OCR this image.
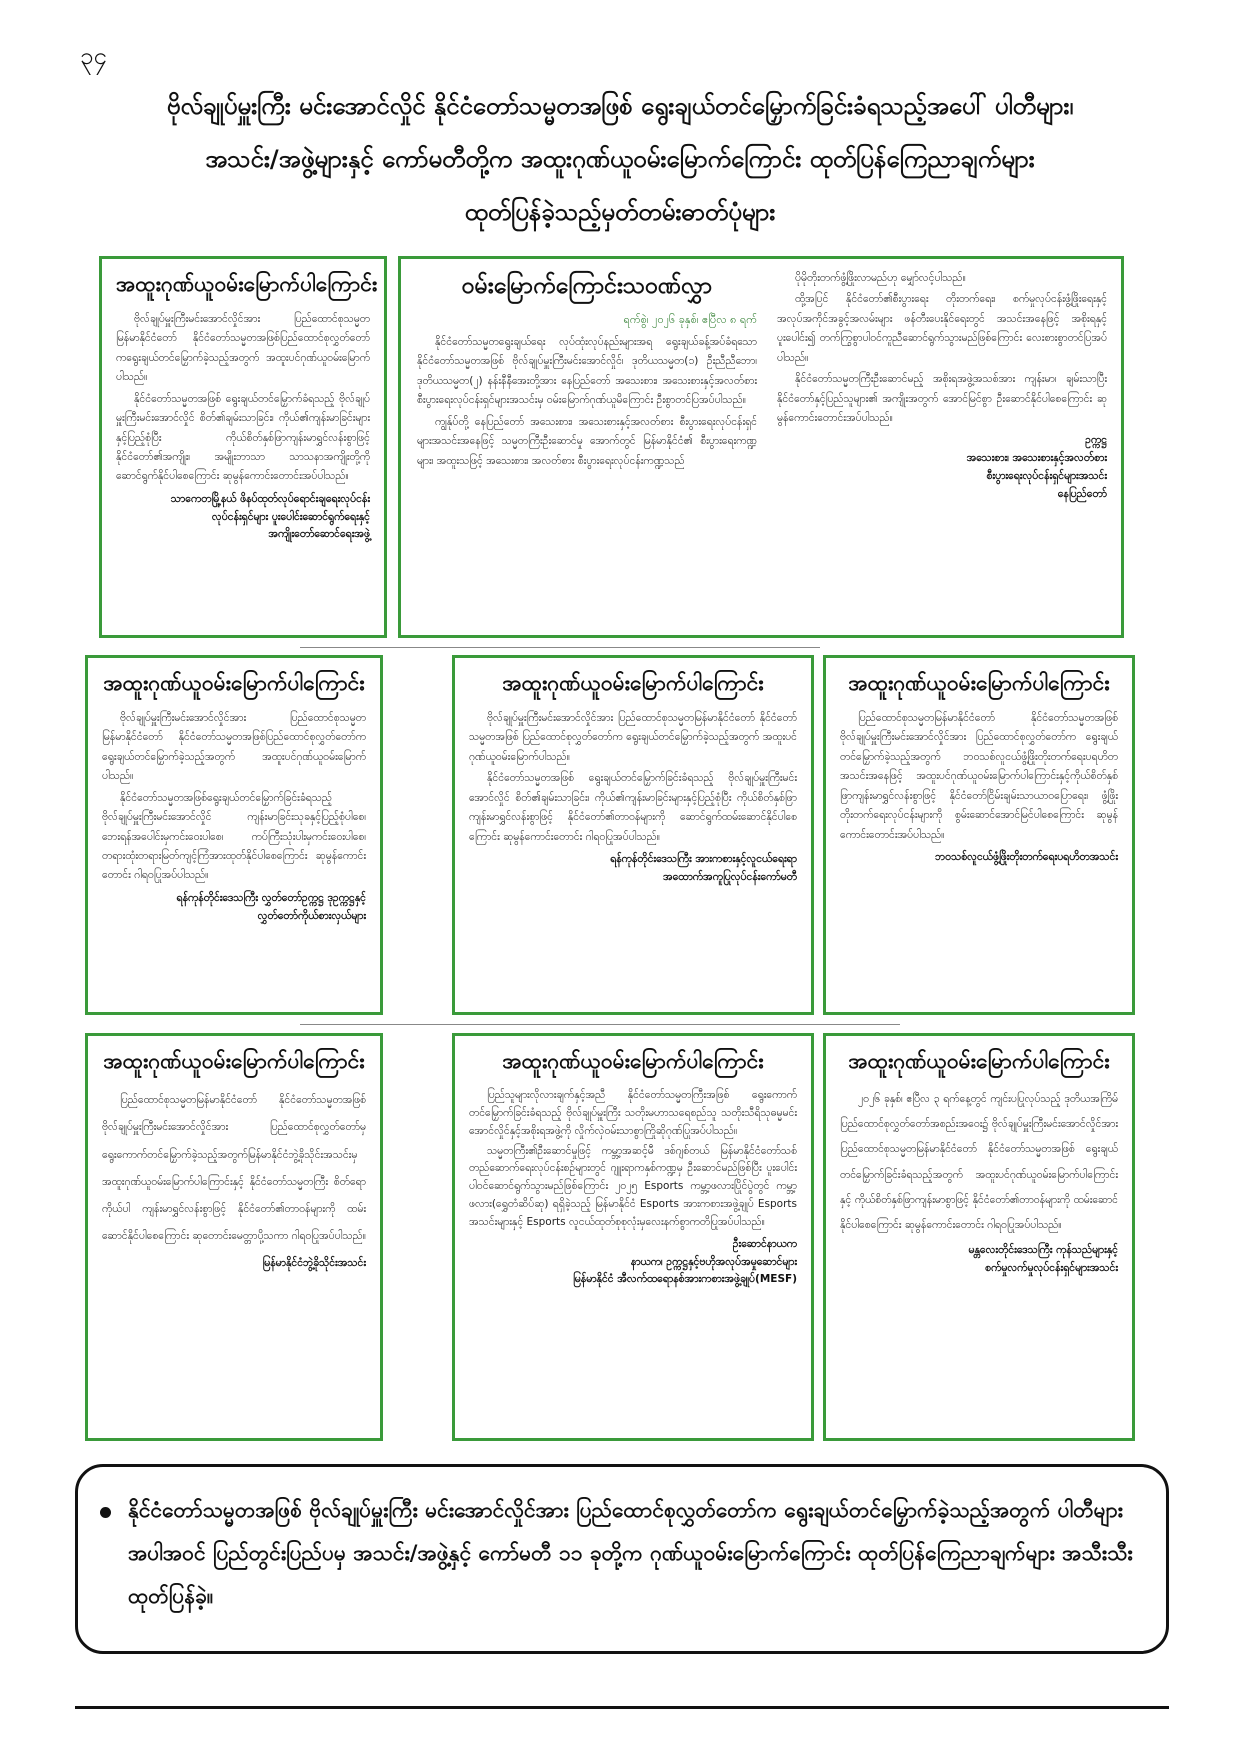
၃၄
ဗိုလ်ချုပ်မှူးကြီး မင်းအောင်လှိုင် နိုင်ငံတော်သမ္မတအဖြစ် ရွေးချယ်တင်မြှောက်ခြင်းခံရသည့်အပေါ် ပါတီများ၊
အသင်း/အဖွဲ့များနှင့် ကော်မတီတို့က အထူးဂုဏ်ယူဝမ်းမြောက်ကြောင်း ထုတ်ပြန်ကြေညာချက်များ
ထုတ်ပြန်ခဲ့သည့်မှတ်တမ်းဓာတ်ပုံများ
အထူးဂုဏ်ယူဝမ်းမြောက်ပါကြောင်း

ဗိုလ်ချုပ်မှူးကြီးမင်းအောင်လှိုင်အား ပြည်ထောင်စုသမ္မတမြန်မာနိုင်ငံတော် နိုင်ငံတော်သမ္မတအဖြစ်ပြည်ထောင်စုလွှတ်တော်ကရွေးချယ်တင်မြှောက်ခဲ့သည့်အတွက် အထူးပင်ဂုဏ်ယူဝမ်းမြောက်ပါသည်။

နိုင်ငံတော်သမ္မတအဖြစ် ရွေးချယ်တင်မြှောက်ခံရသည့် ဗိုလ်ချုပ်မှူးကြီးမင်းအောင်လှိုင် စိတ်၏ချမ်းသာခြင်း၊ ကိုယ်၏ကျန်းမာခြင်းများနှင့်ပြည့်စုံပြီး ကိုယ်စိတ်နှစ်ဖြာကျန်းမာရွှင်လန်းစွာဖြင့် နိုင်ငံတော်၏အကျိုး၊ အမျိုးဘာသာ သာသနာအကျိုးတို့ကို ဆောင်ရွက်နိုင်ပါစေကြောင်း ဆုမွန်ကောင်းတောင်းအပ်ပါသည်။

သာကေတမြို့နယ် ဖိနပ်ထုတ်လုပ်ရောင်းချရေးလုပ်ငန်း
လုပ်ငန်းရှင်များ ပူးပေါင်းဆောင်ရွက်ရေးနှင့်
အကျိုးတော်ဆောင်ရေးအဖွဲ့
ဝမ်းမြောက်ကြောင်းသဝဏ်လွှာ
ရက်စွဲ၊ ၂၀၂၆ ခုနှစ်၊ ဧပြီလ ၈ ရက်

နိုင်ငံတော်သမ္မတရွေးချယ်ရေး လုပ်ထုံးလုပ်နည်းများအရ ရွေးချယ်ခန့်အပ်ခံရသော နိုင်ငံတော်သမ္မတအဖြစ် ဗိုလ်ချုပ်မှူးကြီးမင်းအောင်လှိုင်၊ ဒုတိယသမ္မတ(၁) ဦးညီညီဘော၊ ဒုတိယသမ္မတ(၂) နန်းနီနီအေးတို့အား နေပြည်တော် အသေးစား၊ အသေးစားနှင့်အလတ်စားစီးပွားရေးလုပ်ငန်းရှင်များအသင်းမှ ဝမ်းမြောက်ဂုဏ်ယူမိကြောင်း ဦးစွာတင်ပြအပ်ပါသည်။

ကျွန်ုပ်တို့ နေပြည်တော် အသေးစား၊ အသေးစားနှင့်အလတ်စား စီးပွားရေးလုပ်ငန်းရှင်များအသင်းအနေဖြင့် သမ္မတကြီးဦးဆောင်မှု အောက်တွင် မြန်မာနိုင်ငံ၏ စီးပွားရေးကဏ္ဍများ၊ အထူးသဖြင့် အသေးစား၊ အလတ်စား စီးပွားရေးလုပ်ငန်းကဏ္ဍသည်

ပိုမိုတိုးတက်ဖွံ့ဖြိုးလာမည်ဟု မျှော်လင့်ပါသည်။

ထို့အပြင် နိုင်ငံတော်၏စီးပွားရေး တိုးတက်ရေး၊ စက်မှုလုပ်ငန်းဖွံ့ဖြိုးရေးနှင့် အလုပ်အကိုင်အခွင့်အလမ်းများ ဖန်တီးပေးနိုင်ရေးတွင် အသင်းအနေဖြင့် အစိုးရနှင့်ပူးပေါင်း၍ တက်ကြွစွာပါဝင်ကူညီဆောင်ရွက်သွားမည်ဖြစ်ကြောင်း လေးစားစွာတင်ပြအပ်ပါသည်။

နိုင်ငံတော်သမ္မတကြီးဦးဆောင်မည့် အစိုးရအဖွဲ့အသစ်အား ကျန်းမာ၊ ချမ်းသာပြီး နိုင်ငံတော်နှင့်ပြည်သူများ၏ အကျိုးအတွက် အောင်မြင်စွာ ဦးဆောင်နိုင်ပါစေကြောင်း ဆုမွန်ကောင်းတောင်းအပ်ပါသည်။

ဥက္ကဋ္ဌ
အသေးစား၊ အသေးစားနှင့်အလတ်စား
စီးပွားရေးလုပ်ငန်းရှင်များအသင်း
နေပြည်တော်
အထူးဂုဏ်ယူဝမ်းမြောက်ပါကြောင်း

ဗိုလ်ချုပ်မှူးကြီးမင်းအောင်လှိုင်အား ပြည်ထောင်စုသမ္မတမြန်မာနိုင်ငံတော် နိုင်ငံတော်သမ္မတအဖြစ်ပြည်ထောင်စုလွှတ်တော်က ရွေးချယ်တင်မြှောက်ခဲ့သည့်အတွက် အထူးပင်ဂုဏ်ယူဝမ်းမြောက်ပါသည်။

နိုင်ငံတော်သမ္မတအဖြစ်ရွေးချယ်တင်မြှောက်ခြင်းခံရသည့် ဗိုလ်ချုပ်မှူးကြီးမင်းအောင်လှိုင် ကျန်းမာခြင်းသုခနှင့်ပြည့်စုံပါစေ၊ ဘေးရန်အပေါင်းမှကင်းဝေးပါစေ၊ ကပ်ကြီးသုံးပါးမှကင်းဝေးပါစေ၊ တရားထုံးတရားမြတ်ကျင့်ကြံအားထုတ်နိုင်ပါစေကြောင်း ဆုမွန်ကောင်းတောင်း ဂါရဝပြုအပ်ပါသည်။

ရန်ကုန်တိုင်းဒေသကြီး လွှတ်တော်ဥက္ကဋ္ဌ ဒုဥက္ကဋ္ဌနှင့်
လွှတ်တော်ကိုယ်စားလှယ်များ
အထူးဂုဏ်ယူဝမ်းမြောက်ပါကြောင်း

ဗိုလ်ချုပ်မှူးကြီးမင်းအောင်လှိုင်အား ပြည်ထောင်စုသမ္မတမြန်မာနိုင်ငံတော် နိုင်ငံတော်သမ္မတအဖြစ် ပြည်ထောင်စုလွှတ်တော်က ရွေးချယ်တင်မြှောက်ခဲ့သည့်အတွက် အထူးပင်ဂုဏ်ယူဝမ်းမြောက်ပါသည်။

နိုင်ငံတော်သမ္မတအဖြစ် ရွေးချယ်တင်မြှောက်ခြင်းခံရသည့် ဗိုလ်ချုပ်မှူးကြီးမင်းအောင်လှိုင် စိတ်၏ချမ်းသာခြင်း၊ ကိုယ်၏ကျန်းမာခြင်းများနှင့်ပြည့်စုံပြီး ကိုယ်စိတ်နှစ်ဖြာကျန်းမာရွှင်လန်းစွာဖြင့် နိုင်ငံတော်၏တာဝန်များကို ဆောင်ရွက်ထမ်းဆောင်နိုင်ပါစေကြောင်း ဆုမွန်ကောင်းတောင်း ဂါရဝပြုအပ်ပါသည်။

ရန်ကုန်တိုင်းဒေသကြီး အားကစားနှင့်လူငယ်ရေးရာ
အထောက်အကူပြုလုပ်ငန်းကော်မတီ
အထူးဂုဏ်ယူဝမ်းမြောက်ပါကြောင်း

ပြည်ထောင်စုသမ္မတမြန်မာနိုင်ငံတော် နိုင်ငံတော်သမ္မတအဖြစ် ဗိုလ်ချုပ်မှူးကြီးမင်းအောင်လှိုင်အား ပြည်ထောင်စုလွှတ်တော်က ရွေးချယ်တင်မြှောက်ခဲ့သည့်အတွက် ဘဝသစ်လူငယ်ဖွံ့ဖြိုးတိုးတက်ရေးပရဟိတအသင်းအနေဖြင့် အထူးပင်ဂုဏ်ယူဝမ်းမြောက်ပါကြောင်းနှင့်ကိုယ်စိတ်နှစ်ဖြာကျန်းမာရွှင်လန်းစွာဖြင့် နိုင်ငံတော်ငြိမ်းချမ်းသာယာဝပြောရေး၊ ဖွံ့ဖြိုးတိုးတက်ရေးလုပ်ငန်းများကို စွမ်းဆောင်အောင်မြင်ပါစေကြောင်း ဆုမွန်ကောင်းတောင်းအပ်ပါသည်။

ဘဝသစ်လူငယ်ဖွံ့ဖြိုးတိုးတက်ရေးပရဟိတအသင်း
အထူးဂုဏ်ယူဝမ်းမြောက်ပါကြောင်း

ပြည်ထောင်စုသမ္မတမြန်မာနိုင်ငံတော် နိုင်ငံတော်သမ္မတအဖြစ် ဗိုလ်ချုပ်မှူးကြီးမင်းအောင်လှိုင်အား ပြည်ထောင်စုလွှတ်တော်မှ ရွေးကောက်တင်မြှောက်ခဲ့သည့်အတွက်မြန်မာနိုင်ငံဘွဲ့ခိုသိုင်းအသင်းမှ အထူးဂုဏ်ယူဝမ်းမြောက်ပါကြောင်းနှင့် နိုင်ငံတော်သမ္မတကြီး စိတ်ရောကိုယ်ပါ ကျန်းမာရွှင်လန်းစွာဖြင့် နိုင်ငံတော်၏တာဝန်များကို ထမ်းဆောင်နိုင်ပါစေကြောင်း ဆုတောင်းမေတ္တာပို့သကာ ဂါရဝပြုအပ်ပါသည်။

မြန်မာနိုင်ငံဘွဲ့ခိုသိုင်းအသင်း
အထူးဂုဏ်ယူဝမ်းမြောက်ပါကြောင်း

ပြည်သူများလိုလားချက်နှင့်အညီ နိုင်ငံတော်သမ္မတကြီးအဖြစ် ရွေးကောက်တင်မြှောက်ခြင်းခံရသည့် ဗိုလ်ချုပ်မှူးကြီး သတိုးမဟာသရေစည်သူ သတိုးသီရိသုဓမ္မမင်းအောင်လှိုင်နှင့်အစိုးရအဖွဲ့ကို လှိုက်လှဲဝမ်းသာစွာကြိုဆိုဂုဏ်ပြုအပ်ပါသည်။

သမ္မတကြီး၏ဦးဆောင်မှုဖြင့် ကမ္ဘာ့အဆင့်မီ ဒစ်ဂျစ်တယ် မြန်မာနိုင်ငံတော်သစ် တည်ဆောက်ရေးလုပ်ငန်းစဉ်များတွင် ဂျူးရာကနှစ်ကဏ္ဍမှ ဦးဆောင်မည်ဖြစ်ပြီး ပူးပေါင်းပါဝင်ဆောင်ရွက်သွားမည်ဖြစ်ကြောင်း ၂၀၂၅ Esports ကမ္ဘာ့ဖလားပြိုင်ပွဲတွင် ကမ္ဘာ့ဖလား(ရွှေတံဆိပ်ဆု) ရရှိခဲ့သည့် မြန်မာနိုင်ငံ Esports အားကစားအဖွဲ့ချုပ် Esports အသင်းများနှင့် Esports လူငယ်ထုတ်စုစုလုံးမှလေးနက်စွာကတိပြုအပ်ပါသည်။

ဦးဆောင်နာယက
နာယက၊ ဥက္ကဋ္ဌနှင့်ဗဟိုအလုပ်အမှုဆောင်များ
မြန်မာနိုင်ငံ အီလက်ထရောနစ်အားကစားအဖွဲ့ချုပ်(MESF)
အထူးဂုဏ်ယူဝမ်းမြောက်ပါကြောင်း

၂၀၂၆ ခုနှစ်၊ ဧပြီလ ၃ ရက်နေ့တွင် ကျင်းပပြုလုပ်သည့် ဒုတိယအကြိမ် ပြည်ထောင်စုလွှတ်တော်အစည်းအဝေး၌ ဗိုလ်ချုပ်မှူးကြီးမင်းအောင်လှိုင်အား ပြည်ထောင်စုသမ္မတမြန်မာနိုင်ငံတော် နိုင်ငံတော်သမ္မတအဖြစ် ရွေးချယ်တင်မြှောက်ခြင်းခံရသည့်အတွက် အထူးပင်ဂုဏ်ယူဝမ်းမြောက်ပါကြောင်းနှင့် ကိုယ်စိတ်နှစ်ဖြာကျန်းမာစွာဖြင့် နိုင်ငံတော်၏တာဝန်များကို ထမ်းဆောင်နိုင်ပါစေကြောင်း ဆုမွန်ကောင်းတောင်း ဂါရဝပြုအပ်ပါသည်။

မန္တလေးတိုင်းဒေသကြီး ကုန်သည်များနှင့်
စက်မှုလက်မှုလုပ်ငန်းရှင်များအသင်း
နိုင်ငံတော်သမ္မတအဖြစ် ဗိုလ်ချုပ်မှူးကြီး မင်းအောင်လှိုင်အား ပြည်ထောင်စုလွှတ်တော်က ရွေးချယ်တင်မြှောက်ခဲ့သည့်အတွက် ပါတီများအပါအဝင် ပြည်တွင်းပြည်ပမှ အသင်း/အဖွဲ့နှင့် ကော်မတီ ၁၁ ခုတို့က ဂုဏ်ယူဝမ်းမြောက်ကြောင်း ထုတ်ပြန်ကြေညာချက်များ အသီးသီးထုတ်ပြန်ခဲ့။
